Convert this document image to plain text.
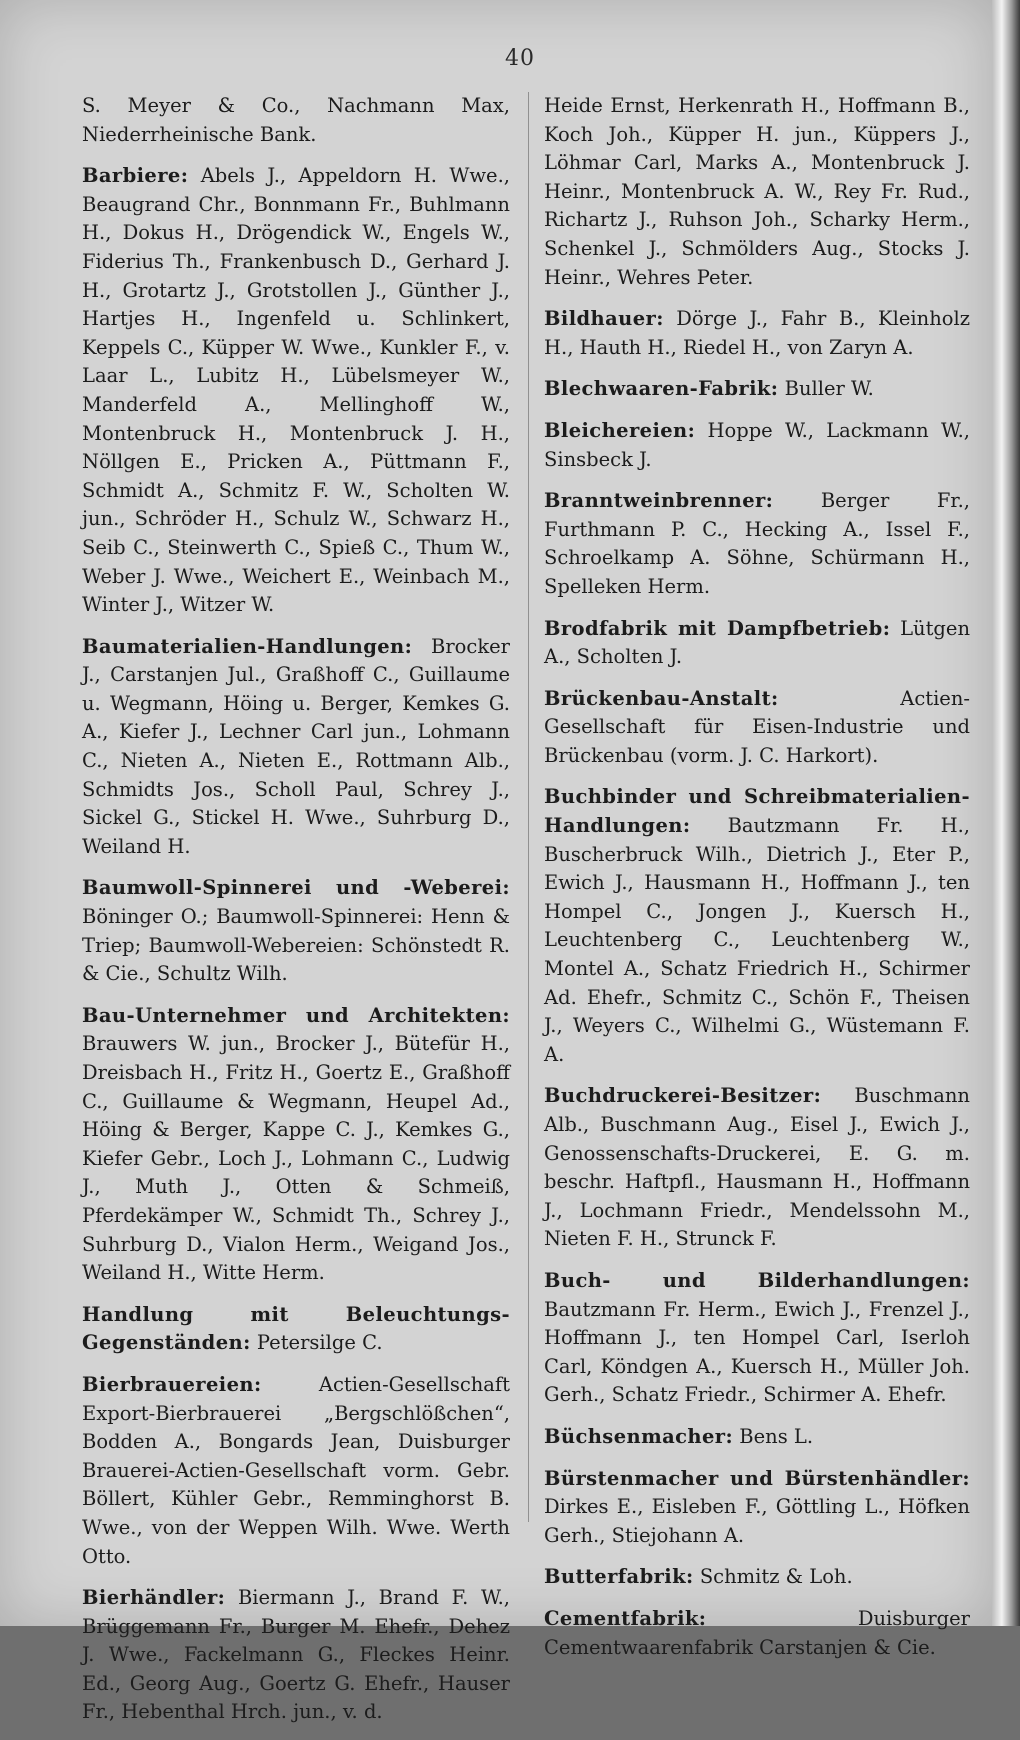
40

S. Meyer & Co., Nachmann Max, Niederrheinische Bank.

Barbiere: Abels J., Appeldorn H. Wwe., Beaugrand Chr., Bonnmann Fr., Buhlmann H., Dokus H., Drögendick W., Engels W., Fiderius Th., Frankenbusch D., Gerhard J. H., Grotartz J., Grotstollen J., Günther J., Hartjes H., Ingenfeld u. Schlinkert, Keppels C., Küpper W. Wwe., Kunkler F., v. Laar L., Lubitz H., Lübelsmeyer W., Manderfeld A., Mellinghoff W., Montenbruck H., Montenbruck J. H., Nöllgen E., Pricken A., Püttmann F., Schmidt A., Schmitz F. W., Scholten W. jun., Schröder H., Schulz W., Schwarz H., Seib C., Steinwerth C., Spieß C., Thum W., Weber J. Wwe., Weichert E., Weinbach M., Winter J., Witzer W.

Baumaterialien-Handlungen: Brocker J., Carstanjen Jul., Graßhoff C., Guillaume u. Wegmann, Höing u. Berger, Kemkes G. A., Kiefer J., Lechner Carl jun., Lohmann C., Nieten A., Nieten E., Rottmann Alb., Schmidts Jos., Scholl Paul, Schrey J., Sickel G., Stickel H. Wwe., Suhrburg D., Weiland H.

Baumwoll-Spinnerei und -Weberei: Böninger O.; Baumwoll-Spinnerei: Henn & Triep; Baumwoll-Webereien: Schönstedt R. & Cie., Schultz Wilh.

Bau-Unternehmer und Architekten: Brauwers W. jun., Brocker J., Bütefür H., Dreisbach H., Fritz H., Goertz E., Graßhoff C., Guillaume & Wegmann, Heupel Ad., Höing & Berger, Kappe C. J., Kemkes G., Kiefer Gebr., Loch J., Lohmann C., Ludwig J., Muth J., Otten & Schmeiß, Pferdekämper W., Schmidt Th., Schrey J., Suhrburg D., Vialon Herm., Weigand Jos., Weiland H., Witte Herm.

Handlung mit Beleuchtungs-Gegenständen: Petersilge C.

Bierbrauereien:	Actien-Gesellschaft Export-Bierbrauerei „Bergschlößchen“, Bodden A., Bongards Jean, Duisburger Brauerei-Actien-Gesellschaft vorm. Gebr. Böllert, Kühler Gebr., Remminghorst B. Wwe., von der Weppen Wilh. Wwe. Werth Otto.

Bierhändler: Biermann J., Brand F. W., Brüggemann Fr., Burger M. Ehefr., Dehez J. Wwe., Fackelmann G., Fleckes Heinr. Ed., Georg Aug., Goertz G. Ehefr., Hauser Fr., Hebenthal Hrch. jun., v. d.

Heide Ernst, Herkenrath H., Hoffmann B., Koch Joh., Küpper H. jun., Küppers J., Löhmar Carl, Marks A., Montenbruck J. Heinr., Montenbruck A. W., Rey Fr. Rud., Richartz J., Ruhson Joh., Scharky Herm., Schenkel J., Schmölders Aug., Stocks J. Heinr., Wehres Peter.

Bildhauer: Dörge J., Fahr B., Kleinholz H., Hauth H., Riedel H., von Zaryn A.

Blechwaaren-Fabrik: Buller W.

Bleichereien: Hoppe W., Lackmann W., Sinsbeck J.

Branntweinbrenner: Berger Fr., Furthmann P. C., Hecking A., Issel F., Schroelkamp A. Söhne, Schürmann H., Spelleken Herm.

Brodfabrik mit Dampfbetrieb: Lütgen A., Scholten J.

Brückenbau-Anstalt:	Actien-Gesellschaft für Eisen-Industrie und Brückenbau (vorm. J. C. Harkort).

Buchbinder und Schreibmaterialien-Handlungen: Bautzmann Fr. H., Buscherbruck Wilh., Dietrich J., Eter P., Ewich J., Hausmann H., Hoffmann J., ten Hompel C., Jongen J., Kuersch H., Leuchtenberg C., Leuchtenberg W., Montel A., Schatz Friedrich H., Schirmer Ad. Ehefr., Schmitz C., Schön F., Theisen J., Weyers C., Wilhelmi G., Wüstemann F. A.

Buchdruckerei-Besitzer: Buschmann Alb., Buschmann Aug., Eisel J., Ewich J., Genossenschafts-Druckerei, E. G. m. beschr. Haftpfl., Hausmann H., Hoffmann J., Lochmann Friedr., Mendelssohn M., Nieten F. H., Strunck F.

Buch- und Bilderhandlungen: Bautzmann Fr. Herm., Ewich J., Frenzel J., Hoffmann J., ten Hompel Carl, Iserloh Carl, Köndgen A., Kuersch H., Müller Joh. Gerh., Schatz Friedr., Schirmer A. Ehefr.

Büchsenmacher: Bens L.

Bürstenmacher und Bürstenhändler: Dirkes E., Eisleben F., Göttling L., Höfken Gerh., Stiejohann A.

Butterfabrik: Schmitz & Loh.

Cementfabrik:	Duisburger Cementwaarenfabrik Carstanjen & Cie.
